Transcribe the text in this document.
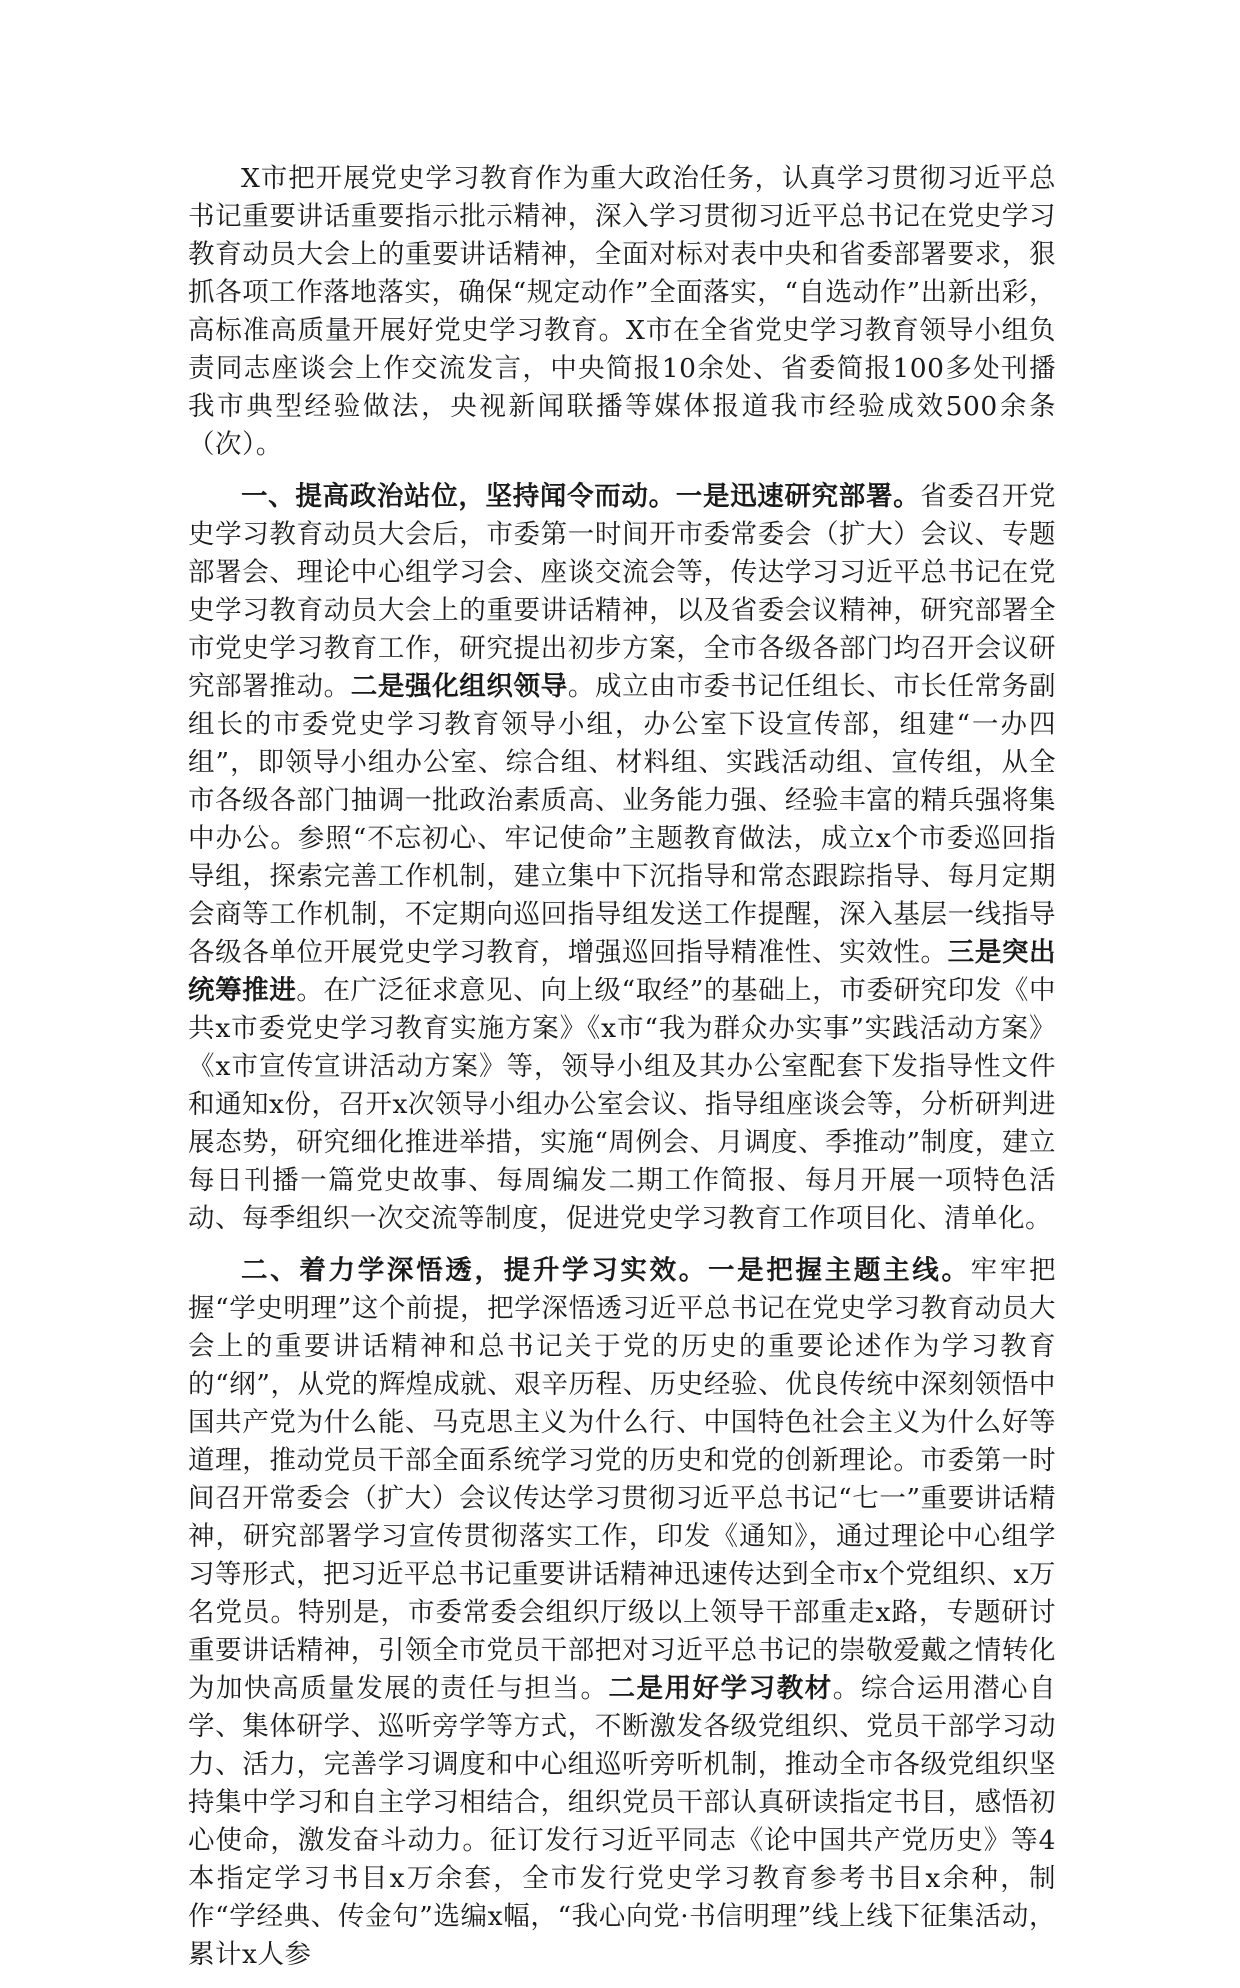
X市把开展党史学习教育作为重大政治任务，认真学习贯彻习近平总书记重要讲话重要指示批示精神，深入学习贯彻习近平总书记在党史学习教育动员大会上的重要讲话精神，全面对标对表中央和省委部署要求，狠抓各项工作落地落实，确保“规定动作”全面落实，“自选动作”出新出彩，高标准高质量开展好党史学习教育。X市在全省党史学习教育领导小组负责同志座谈会上作交流发言，中央简报10余处、省委简报100多处刊播我市典型经验做法，央视新闻联播等媒体报道我市经验成效500余条（次）。

一、提高政治站位，坚持闻令而动。一是迅速研究部署。省委召开党史学习教育动员大会后，市委第一时间开市委常委会（扩大）会议、专题部署会、理论中心组学习会、座谈交流会等，传达学习习近平总书记在党史学习教育动员大会上的重要讲话精神，以及省委会议精神，研究部署全市党史学习教育工作，研究提出初步方案，全市各级各部门均召开会议研究部署推动。二是强化组织领导。成立由市委书记任组长、市长任常务副组长的市委党史学习教育领导小组，办公室下设宣传部，组建“一办四组”，即领导小组办公室、综合组、材料组、实践活动组、宣传组，从全市各级各部门抽调一批政治素质高、业务能力强、经验丰富的精兵强将集中办公。参照“不忘初心、牢记使命”主题教育做法，成立x个市委巡回指导组，探索完善工作机制，建立集中下沉指导和常态跟踪指导、每月定期会商等工作机制，不定期向巡回指导组发送工作提醒，深入基层一线指导各级各单位开展党史学习教育，增强巡回指导精准性、实效性。三是突出统筹推进。在广泛征求意见、向上级“取经”的基础上，市委研究印发《中共x市委党史学习教育实施方案》《x市“我为群众办实事”实践活动方案》《x市宣传宣讲活动方案》等，领导小组及其办公室配套下发指导性文件和通知x份，召开x次领导小组办公室会议、指导组座谈会等，分析研判进展态势，研究细化推进举措，实施“周例会、月调度、季推动”制度，建立每日刊播一篇党史故事、每周编发二期工作简报、每月开展一项特色活动、每季组织一次交流等制度，促进党史学习教育工作项目化、清单化。

二、着力学深悟透，提升学习实效。一是把握主题主线。牢牢把握“学史明理”这个前提，把学深悟透习近平总书记在党史学习教育动员大会上的重要讲话精神和总书记关于党的历史的重要论述作为学习教育的“纲”，从党的辉煌成就、艰辛历程、历史经验、优良传统中深刻领悟中国共产党为什么能、马克思主义为什么行、中国特色社会主义为什么好等道理，推动党员干部全面系统学习党的历史和党的创新理论。市委第一时间召开常委会（扩大）会议传达学习贯彻习近平总书记“七一”重要讲话精神，研究部署学习宣传贯彻落实工作，印发《通知》，通过理论中心组学习等形式，把习近平总书记重要讲话精神迅速传达到全市x个党组织、x万名党员。特别是，市委常委会组织厅级以上领导干部重走x路，专题研讨重要讲话精神，引领全市党员干部把对习近平总书记的崇敬爱戴之情转化为加快高质量发展的责任与担当。二是用好学习教材。综合运用潜心自学、集体研学、巡听旁学等方式，不断激发各级党组织、党员干部学习动力、活力，完善学习调度和中心组巡听旁听机制，推动全市各级党组织坚持集中学习和自主学习相结合，组织党员干部认真研读指定书目，感悟初心使命，激发奋斗动力。征订发行习近平同志《论中国共产党历史》等4本指定学习书目x万余套，全市发行党史学习教育参考书目x余种，制作“学经典、传金句”选编x幅，“我心向党·书信明理”线上线下征集活动，累计x人参
